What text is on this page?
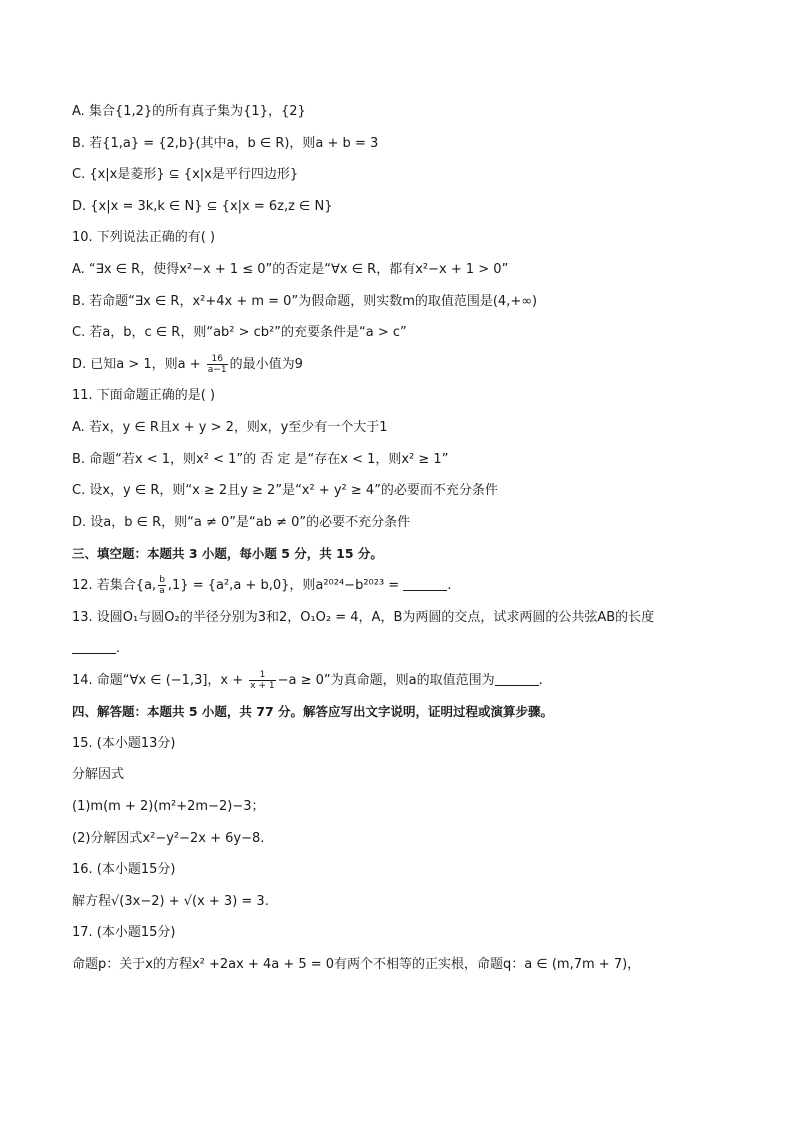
A. 集合{1,2}的所有真子集为{1}，{2}
B. 若{1,a} = {2,b}(其中a，b ∈ R)，则a + b = 3
C. {x|x是菱形} ⊆ {x|x是平行四边形}
D. {x|x = 3k,k ∈ N} ⊆ {x|x = 6z,z ∈ N}
10. 下列说法正确的有( )
A. “∃x ∈ R，使得x²−x + 1 ≤ 0”的否定是“∀x ∈ R，都有x²−x + 1 > 0”
B. 若命题“∃x ∈ R，x²+4x + m = 0”为假命题，则实数m的取值范围是(4,+∞)
C. 若a，b，c ∈ R，则“ab² > cb²”的充要条件是“a > c”
D. 已知a > 1，则$a + \frac{16}{a-1}$ 的最小值为9
11. 下面命题正确的是( )
A. 若x，y ∈ R且x + y > 2，则x，y至少有一个大于1
B. 命题“若x < 1，则x² < 1”的 否 定 是“存在x < 1，则x² ≥ 1”
C. 设x，y ∈ R，则“x ≥ 2且y ≥ 2”是“x² + y² ≥ 4”的必要而不充分条件
D. 设a，b ∈ R，则“a ≠ 0”是“ab ≠ 0”的必要不充分条件
三、填空题：本题共 3 小题，每小题 5 分，共 15 分。
12. 若集合{a, $\frac{b}{a} ,1\} = \{a^2,a + b,0\}$，则a²⁰²⁴−b²⁰²³ =	.
13. 设圆O₁与圆O₂的半径分别为3和2，O₁O₂ = 4，A，B为两圆的交点，试求两圆的公共弦AB的长度
.
14. 命题“∀x ∈ (−1,3]，$x + \frac{1}{x + 1} -a \ge 0$”为真命题，则a的取值范围为	.
四、解答题：本题共 5 小题，共 77 分。解答应写出文字说明，证明过程或演算步骤。
15. (本小题13分)
分解因式
(1)m(m + 2)(m²+2m−2)−3；
(2)分解因式x²−y²−2x + 6y−8.
16. (本小题15分)
解方程√(3x−2) + √(x + 3) = 3.
17. (本小题15分)
命题p：关于x的方程x² +2ax + 4a + 5 = 0有两个不相等的正实根，命题q：a ∈ (m,7m + 7)，
